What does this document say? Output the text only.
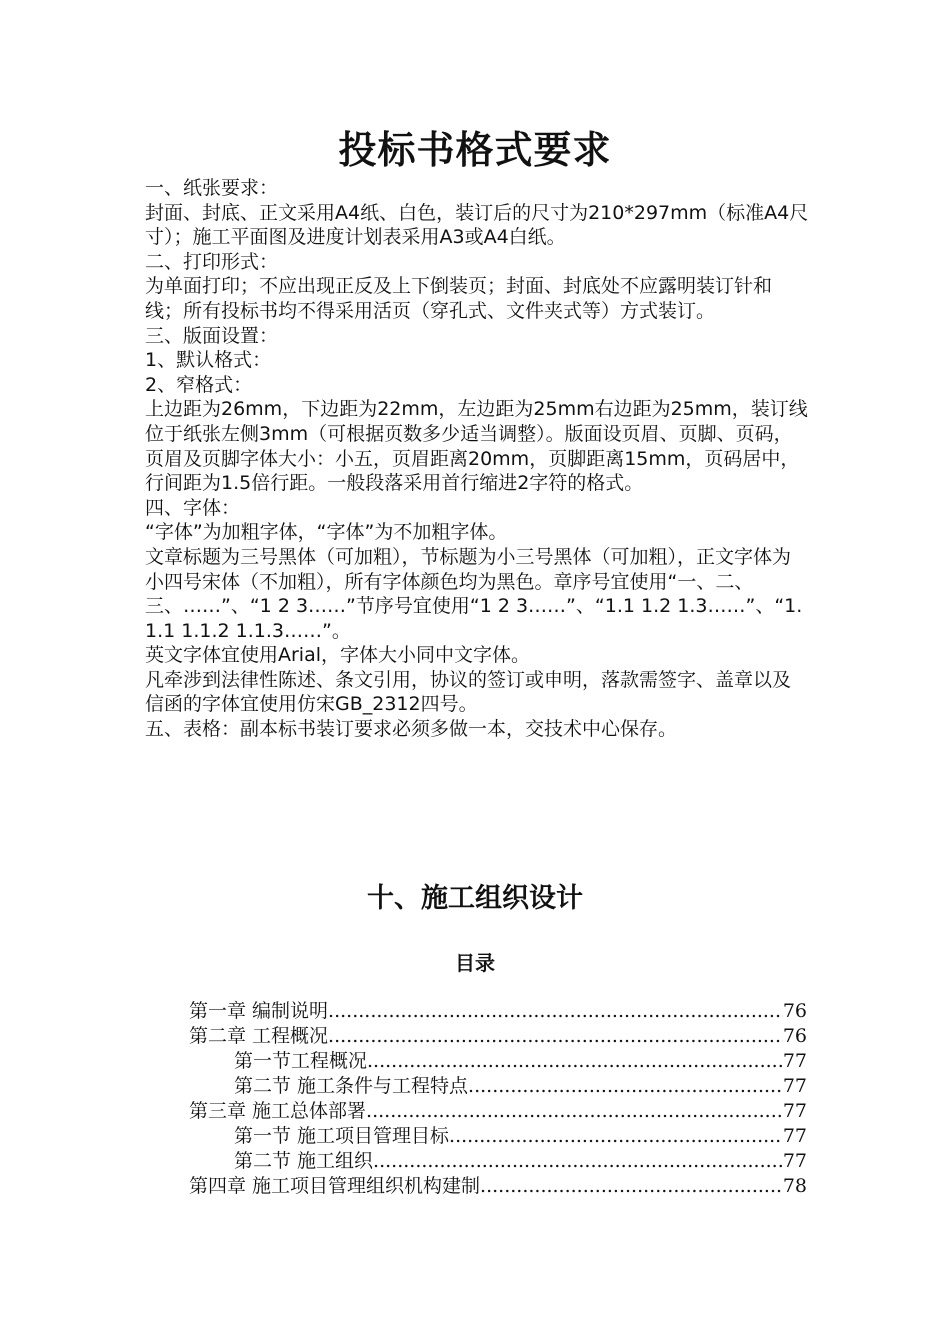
投标书格式要求

一、纸张要求：

封面、封底、正文采用A4纸、白色，装订后的尺寸为210*297mm（标准A4尺寸）；施工平面图及进度计划表采用A3或A4白纸。

二、打印形式：

为单面打印；不应出现正反及上下倒装页；封面、封底处不应露明装订针和线；所有投标书均不得采用活页（穿孔式、文件夹式等）方式装订。

三、版面设置：

1、默认格式：

2、窄格式：

上边距为26mm，下边距为22mm，左边距为25mm右边距为25mm，装订线位于纸张左侧3mm（可根据页数多少适当调整）。版面设页眉、页脚、页码，页眉及页脚字体大小：小五，页眉距离20mm，页脚距离15mm，页码居中，行间距为1.5倍行距。一般段落采用首行缩进2字符的格式。

四、字体：

“字体”为加粗字体，“字体”为不加粗字体。

文章标题为三号黑体（可加粗），节标题为小三号黑体（可加粗），正文字体为小四号宋体（不加粗），所有字体颜色均为黑色。章序号宜使用“一、二、三、……”、“1 2 3……”节序号宜使用“1 2 3……”、“1.1 1.2 1.3……”、“1.1.1 1.1.2 1.1.3……”。

英文字体宜使用Arial，字体大小同中文字体。

凡牵涉到法律性陈述、条文引用，协议的签订或申明，落款需签字、盖章以及信函的字体宜使用仿宋GB_2312四号。

五、表格：副本标书装订要求必须多做一本，交技术中心保存。

十、施工组织设计
目录
第一章 编制说明 .....	76
第二章 工程概况 .....	76
第一节工程概况 .....	77
第二节 施工条件与工程特点 .....	77
第三章 施工总体部署 .....	77
第一节 施工项目管理目标 .....	77
第二节 施工组织 .....	77
第四章 施工项目管理组织机构建制 .....	78
